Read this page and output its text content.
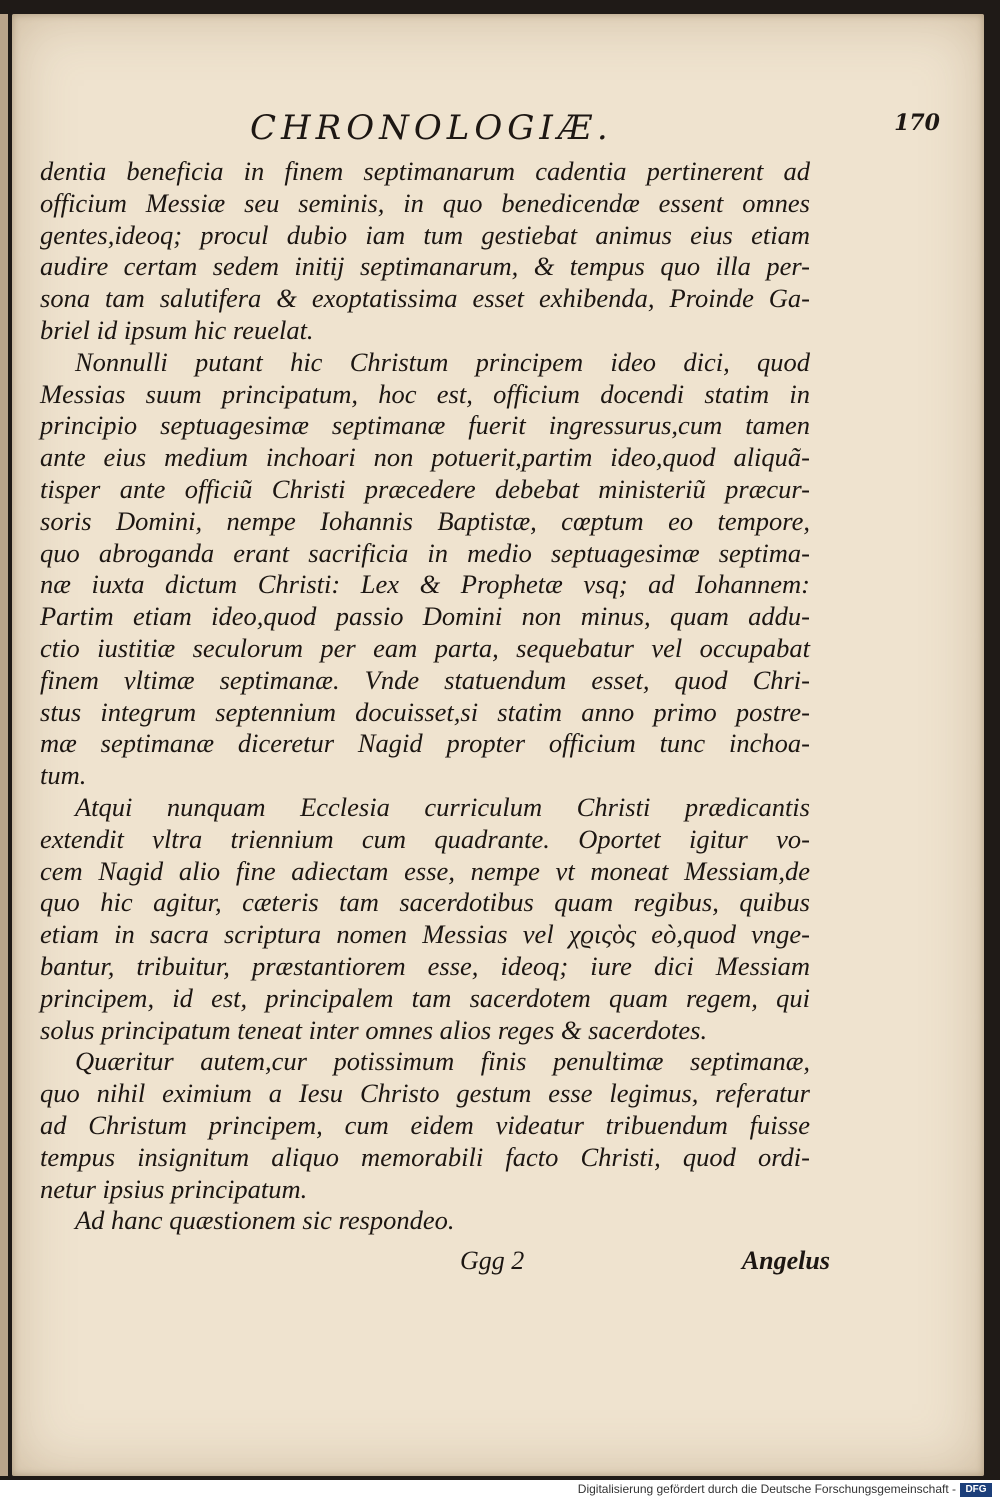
CHRONOLOGIÆ.	170
dentia beneficia in finem septimanarum cadentia pertinerent ad
officium Messiæ seu seminis, in quo benedicendæ essent omnes
gentes,ideoq; procul dubio iam tum gestiebat animus eius etiam
audire certam sedem initij septimanarum, & tempus quo illa per-
sona tam salutifera & exoptatissima esset exhibenda, Proinde Ga-
briel id ipsum hic reuelat.
Nonnulli putant hic Christum principem ideo dici, quod
Messias suum principatum, hoc est, officium docendi statim in
principio septuagesimæ septimanæ fuerit ingressurus,cum tamen
ante eius medium inchoari non potuerit,partim ideo,quod aliquã-
tisper ante officiũ Christi præcedere debebat ministeriũ præcur-
soris Domini, nempe Iohannis Baptistæ, cœptum eo tempore,
quo abroganda erant sacrificia in medio septuagesimæ septima-
næ iuxta dictum Christi: Lex & Prophetæ vsq; ad Iohannem:
Partim etiam ideo,quod passio Domini non minus, quam addu-
ctio iustitiæ seculorum per eam parta, sequebatur vel occupabat
finem vltimæ septimanæ. Vnde statuendum esset, quod Chri-
stus integrum septennium docuisset,si statim anno primo postre-
mæ septimanæ diceretur Nagid propter officium tunc inchoa-
tum.
Atqui nunquam Ecclesia curriculum Christi prædicantis
extendit vltra triennium cum quadrante. Oportet igitur vo-
cem Nagid alio fine adiectam esse, nempe vt moneat Messiam,de
quo hic agitur, cæteris tam sacerdotibus quam regibus, quibus
etiam in sacra scriptura nomen Messias vel χϱιςὸς eò,quod vnge-
bantur, tribuitur, præstantiorem esse, ideoq; iure dici Messiam
principem, id est, principalem tam sacerdotem quam regem, qui
solus principatum teneat inter omnes alios reges & sacerdotes.
Quæritur autem,cur potissimum finis penultimæ septimanæ,
quo nihil eximium a Iesu Christo gestum esse legimus, referatur
ad Christum principem, cum eidem videatur tribuendum fuisse
tempus insignitum aliquo memorabili facto Christi, quod ordi-
netur ipsius principatum.
Ad hanc quæstionem sic respondeo.
Ggg 2	Angelus
Digitalisierung gefördert durch die Deutsche Forschungsgemeinschaft - DFG
